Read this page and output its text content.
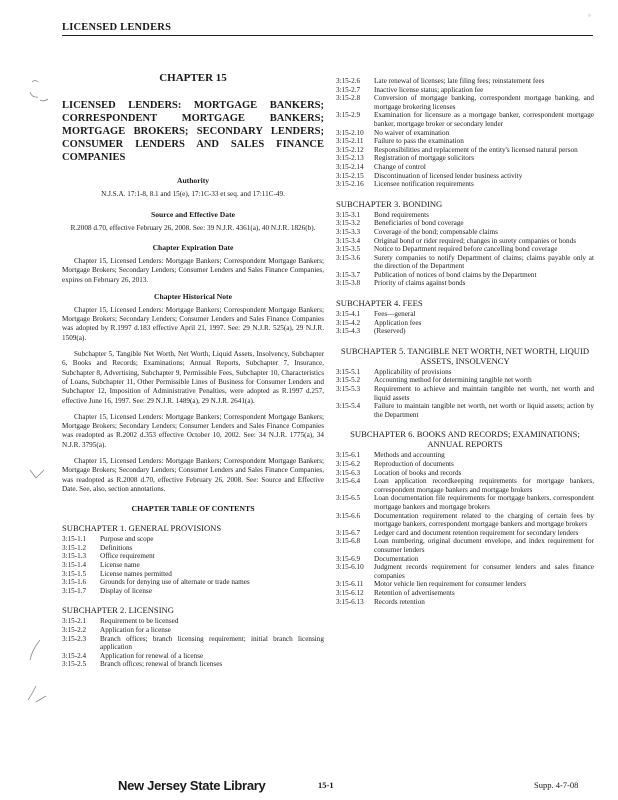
LICENSED LENDERS
◦
CHAPTER 15
LICENSED LENDERS: MORTGAGE BANKERS; CORRESPONDENT MORTGAGE BANKERS; MORTGAGE BROKERS; SECONDARY LENDERS; CONSUMER LENDERS AND SALES FINANCE COMPANIES
Authority
N.J.S.A. 17:1-8, 8.1 and 15(e), 17:1C-33 et seq. and 17:11C-49.
Source and Effective Date
R.2008 d.70, effective February 26, 2008. See: 39 N.J.R. 4361(a), 40 N.J.R. 1826(b).
Chapter Expiration Date
Chapter 15, Licensed Lenders: Mortgage Bankers; Correspondent Mortgage Bankers; Mortgage Brokers; Secondary Lenders; Consumer Lenders and Sales Finance Companies, expires on February 26, 2013.
Chapter Historical Note
Chapter 15, Licensed Lenders: Mortgage Bankers; Correspondent Mortgage Bankers; Mortgage Brokers; Secondary Lenders; Consumer Lenders and Sales Finance Companies was adopted by R.1997 d.183 effective April 21, 1997. See: 29 N.J.R. 525(a), 29 N.J.R. 1509(a).
Subchapter 5, Tangible Net Worth, Net Worth, Liquid Assets, Insolvency, Subchapter 6, Books and Records; Examinations; Annual Reports, Subchapter 7, Insurance, Subchapter 8, Advertising, Subchapter 9, Permissible Fees, Subchapter 10, Characteristics of Loans, Subchapter 11, Other Permissible Lines of Business for Consumer Lenders and Subchapter 12, Imposition of Administrative Penalties, were adopted as R.1997 d.257, effective June 16, 1997. See: 29 N.J.R. 1489(a), 29 N.J.R. 2641(a).
Chapter 15, Licensed Lenders: Mortgage Bankers; Correspondent Mortgage Bankers; Mortgage Brokers; Secondary Lenders; Consumer Lenders and Sales Finance Companies was readopted as R.2002 d.353 effective October 10, 2002. See: 34 N.J.R. 1775(a), 34 N.J.R. 3795(a).
Chapter 15, Licensed Lenders: Mortgage Bankers; Correspondent Mortgage Bankers; Mortgage Brokers; Secondary Lenders; Consumer Lenders and Sales Finance Companies, was readopted as R.2008 d.70, effective February 26, 2008. See: Source and Effective Date. See, also, section annotations.
CHAPTER TABLE OF CONTENTS
SUBCHAPTER 1. GENERAL PROVISIONS
3:15-1.1	Purpose and scope
3:15-1.2	Definitions
3:15-1.3	Office requirement
3:15-1.4	License name
3:15-1.5	License names permitted
3:15-1.6	Grounds for denying use of alternate or trade names
3:15-1.7	Display of license
SUBCHAPTER 2. LICENSING
3:15-2.1	Requirement to be licensed
3:15-2.2	Application for a license
3:15-2.3	Branch offices; branch licensing requirement; initial branch licensing application
3:15-2.4	Application for renewal of a license
3:15-2.5	Branch offices; renewal of branch licenses
3:15-2.6	Late renewal of licenses; late filing fees; reinstatement fees
3:15-2.7	Inactive license status; application fee
3:15-2.8	Conversion of mortgage banking, correspondent mortgage banking, and mortgage brokering licenses
3:15-2.9	Examination for licensure as a mortgage banker, correspondent mortgage banker, mortgage broker or secondary lender
3:15-2.10	No waiver of examination
3:15-2.11	Failure to pass the examination
3:15-2.12	Responsibilities and replacement of the entity's licensed natural person
3:15-2.13	Registration of mortgage solicitors
3:15-2.14	Change of control
3:15-2.15	Discontinuation of licensed lender business activity
3:15-2.16	Licensee notification requirements
SUBCHAPTER 3. BONDING
3:15-3.1	Bond requirements
3:15-3.2	Beneficiaries of bond coverage
3:15-3.3	Coverage of the bond; compensable claims
3:15-3.4	Original bond or rider required; changes in surety companies or bonds
3:15-3.5	Notice to Department required before cancelling bond coverage
3:15-3.6	Surety companies to notify Department of claims; claims payable only at the direction of the Department
3:15-3.7	Publication of notices of bond claims by the Department
3:15-3.8	Priority of claims against bonds
SUBCHAPTER 4. FEES
3:15-4.1	Fees—general
3:15-4.2	Application fees
3:15-4.3	(Reserved)
SUBCHAPTER 5. TANGIBLE NET WORTH, NET WORTH, LIQUID ASSETS, INSOLVENCY
3:15-5.1	Applicability of provisions
3:15-5.2	Accounting method for determining tangible net worth
3:15-5.3	Requirement to achieve and maintain tangible net worth, net worth and liquid assets
3:15-5.4	Failure to maintain tangible net worth, net worth or liquid assets; action by the Department
SUBCHAPTER 6. BOOKS AND RECORDS; EXAMINATIONS; ANNUAL REPORTS
3:15-6.1	Methods and accounting
3:15-6.2	Reproduction of documents
3:15-6.3	Location of books and records
3:15-6.4	Loan application recordkeeping requirements for mortgage bankers, correspondent mortgage bankers and mortgage brokers
3:15-6.5	Loan documentation file requirements for mortgage bankers, correspondent mortgage bankers and mortgage brokers
3:15-6.6	Documentation requirement related to the charging of certain fees by mortgage bankers, correspondent mortgage bankers and mortgage brokers
3:15-6.7	Ledger card and document retention requirement for secondary lenders
3:15-6.8	Loan numbering, original document envelope, and index requirement for consumer lenders
3:15-6.9	Documentation
3:15-6.10	Judgment records requirement for consumer lenders and sales finance companies
3:15-6.11	Motor vehicle lien requirement for consumer lenders
3:15-6.12	Retention of advertisements
3:15-6.13	Records retention
New Jersey State Library	15-1	Supp. 4-7-08
